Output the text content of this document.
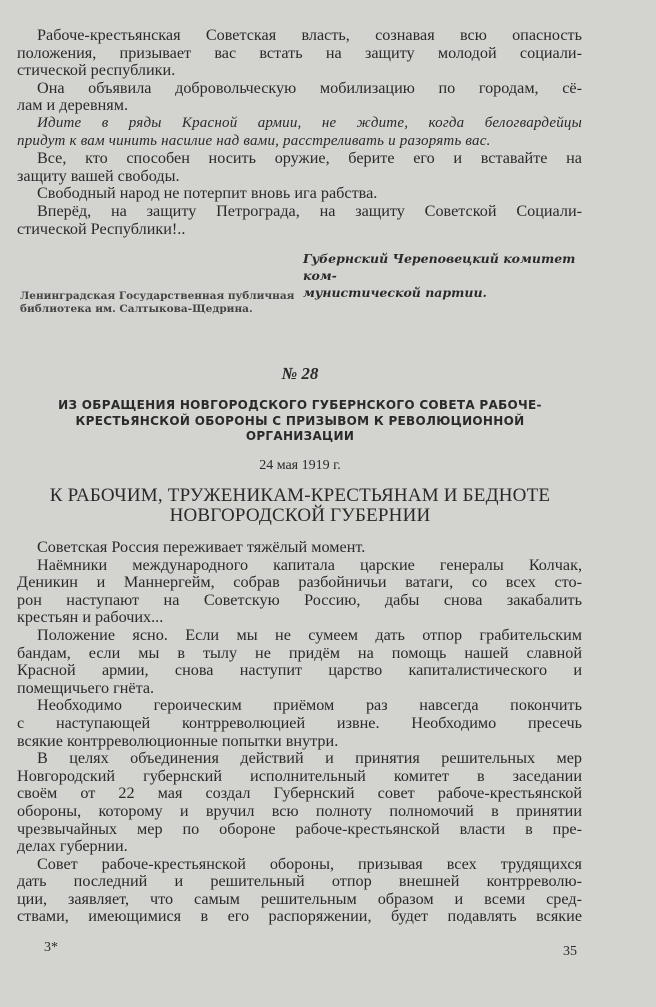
Рабоче-крестьянская Советская власть, сознавая всю опасность
положения, призывает вас встать на защиту молодой социали-
стической республики.
Она объявила добровольческую мобилизацию по городам, сё-
лам и деревням.
Идите в ряды Красной армии, не ждите, когда белогвардейцы
придут к вам чинить насилие над вами, расстреливать и разорять вас.
Все, кто способен носить оружие, берите его и вставайте на
защиту вашей свободы.
Свободный народ не потерпит вновь ига рабства.
Вперёд, на защиту Петрограда, на защиту Советской Социали-
стической Республики!..
Губернский Череповецкий комитет ком-
мунистической партии.
Ленинградская Государственная публичная
библиотека им. Салтыкова-Щедрина.
№ 28
ИЗ ОБРАЩЕНИЯ НОВГОРОДСКОГО ГУБЕРНСКОГО СОВЕТА РАБОЧЕ-
КРЕСТЬЯНСКОЙ ОБОРОНЫ С ПРИЗЫВОМ К РЕВОЛЮЦИОННОЙ
ОРГАНИЗАЦИИ
24 мая 1919 г.
К РАБОЧИМ, ТРУЖЕНИКАМ-КРЕСТЬЯНАМ И БЕДНОТЕ
НОВГОРОДСКОЙ ГУБЕРНИИ
Советская Россия переживает тяжёлый момент.
Наёмники международного капитала царские генералы Колчак,
Деникин и Маннергейм, собрав разбойничьи ватаги, со всех сто-
рон наступают на Советскую Россию, дабы снова закабалить
крестьян и рабочих...
Положение ясно. Если мы не сумеем дать отпор грабительским
бандам, если мы в тылу не придём на помощь нашей славной
Красной армии, снова наступит царство капиталистического и
помещичьего гнёта.
Необходимо героическим приёмом раз навсегда покончить
с наступающей контрреволюцией извне. Необходимо пресечь
всякие контрреволюционные попытки внутри.
В целях объединения действий и принятия решительных мер
Новгородский губернский исполнительный комитет в заседании
своём от 22 мая создал Губернский совет рабоче-крестьянской
обороны, которому и вручил всю полноту полномочий в принятии
чрезвычайных мер по обороне рабоче-крестьянской власти в пре-
делах губернии.
Совет рабоче-крестьянской обороны, призывая всех трудящихся
дать последний и решительный отпор внешней контрреволю-
ции, заявляет, что самым решительным образом и всеми сред-
ствами, имеющимися в его распоряжении, будет подавлять всякие
3*	35
